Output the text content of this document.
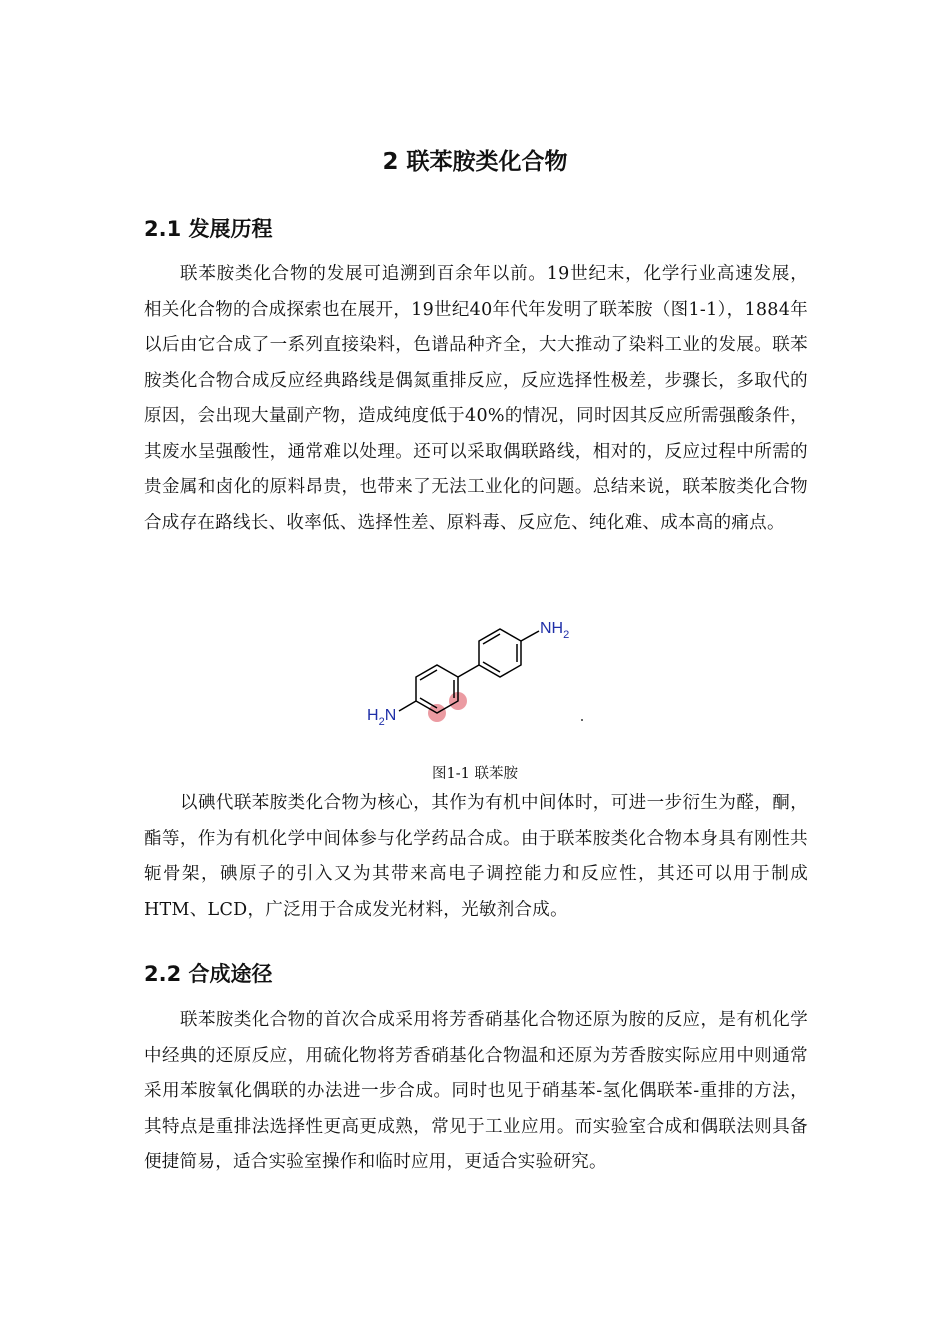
2 联苯胺类化合物
2.1 发展历程

联苯胺类化合物的发展可追溯到百余年以前。19世纪末，化学行业高速发展，相关化合物的合成探索也在展开，19世纪40年代年发明了联苯胺（图1-1），1884年以后由它合成了一系列直接染料，色谱品种齐全，大大推动了染料工业的发展。联苯胺类化合物合成反应经典路线是偶氮重排反应，反应选择性极差，步骤长，多取代的原因，会出现大量副产物，造成纯度低于40%的情况，同时因其反应所需强酸条件，其废水呈强酸性，通常难以处理。还可以采取偶联路线，相对的，反应过程中所需的贵金属和卤化的原料昂贵，也带来了无法工业化的问题。总结来说，联苯胺类化合物合成存在路线长、收率低、选择性差、原料毒、反应危、纯化难、成本高的痛点。

$NH_2$
$H_2N$

图1-1 联苯胺

以碘代联苯胺类化合物为核心，其作为有机中间体时，可进一步衍生为醛，酮，酯等，作为有机化学中间体参与化学药品合成。由于联苯胺类化合物本身具有刚性共轭骨架，碘原子的引入又为其带来高电子调控能力和反应性，其还可以用于制成HTM、LCD，广泛用于合成发光材料，光敏剂合成。

2.2 合成途径

联苯胺类化合物的首次合成采用将芳香硝基化合物还原为胺的反应，是有机化学中经典的还原反应，用硫化物将芳香硝基化合物温和还原为芳香胺实际应用中则通常采用苯胺氧化偶联的办法进一步合成。同时也见于硝基苯-氢化偶联苯-重排的方法，其特点是重排法选择性更高更成熟，常见于工业应用。而实验室合成和偶联法则具备便捷简易，适合实验室操作和临时应用，更适合实验研究。
